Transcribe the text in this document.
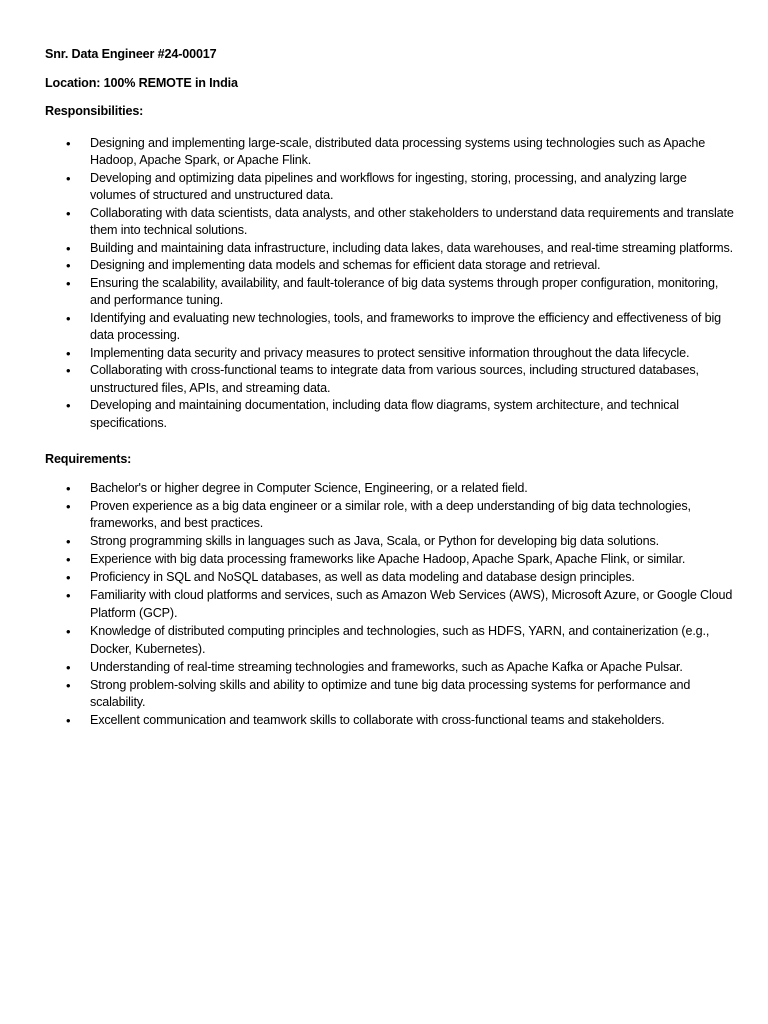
Snr. Data Engineer #24-00017

Location: 100% REMOTE in India

Responsibilities:

• Designing and implementing large-scale, distributed data processing systems using technologies such as Apache Hadoop, Apache Spark, or Apache Flink.
• Developing and optimizing data pipelines and workflows for ingesting, storing, processing, and analyzing large volumes of structured and unstructured data.
• Collaborating with data scientists, data analysts, and other stakeholders to understand data requirements and translate them into technical solutions.
• Building and maintaining data infrastructure, including data lakes, data warehouses, and real-time streaming platforms.
• Designing and implementing data models and schemas for efficient data storage and retrieval.
• Ensuring the scalability, availability, and fault-tolerance of big data systems through proper configuration, monitoring, and performance tuning.
• Identifying and evaluating new technologies, tools, and frameworks to improve the efficiency and effectiveness of big data processing.
• Implementing data security and privacy measures to protect sensitive information throughout the data lifecycle.
• Collaborating with cross-functional teams to integrate data from various sources, including structured databases, unstructured files, APIs, and streaming data.
• Developing and maintaining documentation, including data flow diagrams, system architecture, and technical specifications.

Requirements:

• Bachelor's or higher degree in Computer Science, Engineering, or a related field.
• Proven experience as a big data engineer or a similar role, with a deep understanding of big data technologies, frameworks, and best practices.
• Strong programming skills in languages such as Java, Scala, or Python for developing big data solutions.
• Experience with big data processing frameworks like Apache Hadoop, Apache Spark, Apache Flink, or similar.
• Proficiency in SQL and NoSQL databases, as well as data modeling and database design principles.
• Familiarity with cloud platforms and services, such as Amazon Web Services (AWS), Microsoft Azure, or Google Cloud Platform (GCP).
• Knowledge of distributed computing principles and technologies, such as HDFS, YARN, and containerization (e.g., Docker, Kubernetes).
• Understanding of real-time streaming technologies and frameworks, such as Apache Kafka or Apache Pulsar.
• Strong problem-solving skills and ability to optimize and tune big data processing systems for performance and scalability.
• Excellent communication and teamwork skills to collaborate with cross-functional teams and stakeholders.
